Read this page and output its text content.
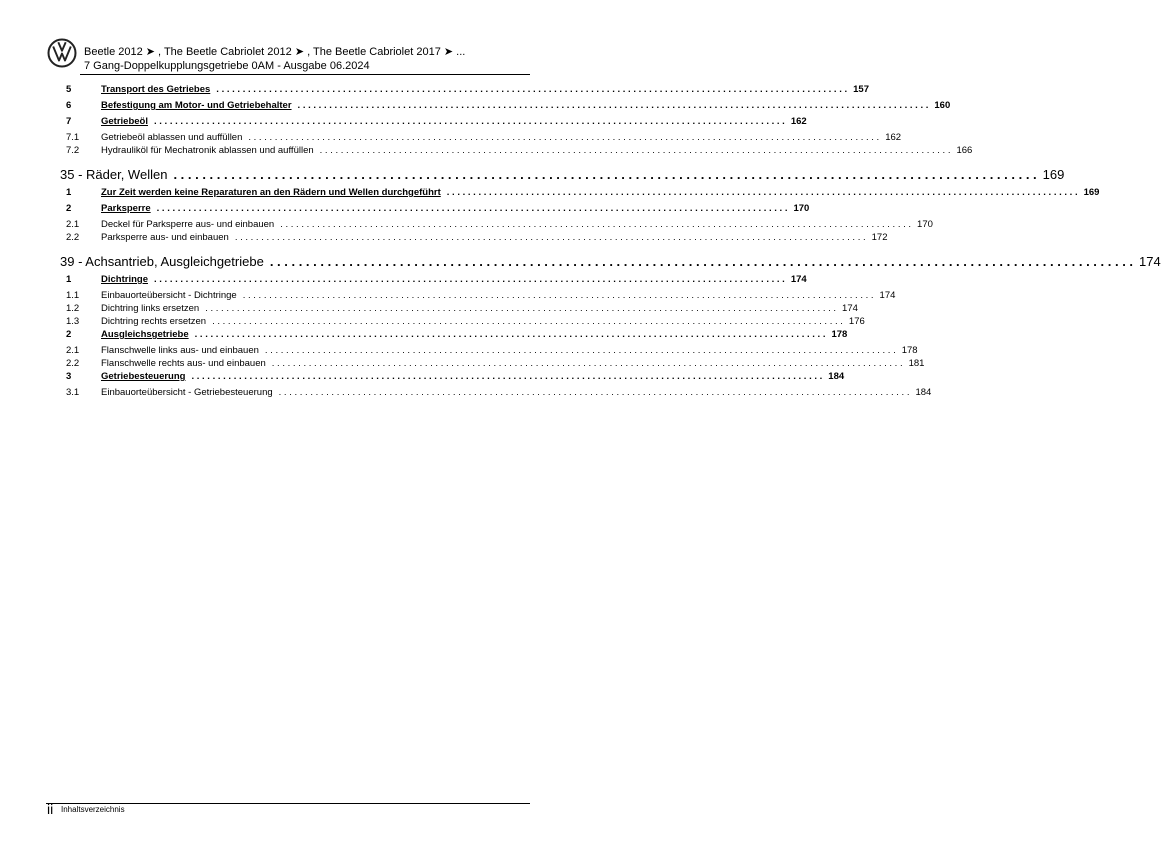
Beetle 2012 ➤ , The Beetle Cabriolet 2012 ➤ , The Beetle Cabriolet 2017 ➤ ...
7 Gang-Doppelkupplungsgetriebe 0AM - Ausgabe 06.2024
5	Transport des Getriebes . . . . . . . . . . . . . . . . . . . . . . . . . . . . . . . . . . . . . . . . . . . . . . . . . . . . . . . . . . . . . . . . . . . . . . . . . . . . . . . . . . . . . . . . . . . . . . . . . . . . . . . . . . . . . . . . . . . . . . . . 157
6	Befestigung am Motor- und Getriebehalter . . . . . . . . . . . . . . . . . . . . . . . . . . . . . . . . . . . . . . . . . . . . . . . . . . . . . . . . . . . . . . . . . . . . . . . . . . . . . . . . . . . . . . . . . . . . . . . . . . . . . . . . . . . . . . . . . . . . . . . . 160
7	Getriebeöl . . . . . . . . . . . . . . . . . . . . . . . . . . . . . . . . . . . . . . . . . . . . . . . . . . . . . . . . . . . . . . . . . . . . . . . . . . . . . . . . . . . . . . . . . . . . . . . . . . . . . . . . . . . . . . . . . . . . . . . . 162
7.1	Getriebeöl ablassen und auffüllen . . . . . . . . . . . . . . . . . . . . . . . . . . . . . . . . . . . . . . . . . . . . . . . . . . . . . . . . . . . . . . . . . . . . . . . . . . . . . . . . . . . . . . . . . . . . . . . . . . . . . . . . . . . . . . . . . . . . . . . . 162
7.2	Hydrauliköl für Mechatronik ablassen und auffüllen . . . . . . . . . . . . . . . . . . . . . . . . . . . . . . . . . . . . . . . . . . . . . . . . . . . . . . . . . . . . . . . . . . . . . . . . . . . . . . . . . . . . . . . . . . . . . . . . . . . . . . . . . . . . . . . . . . . . . . . . 166
35 - Räder, Wellen . . . . . . . . . . . . . . . . . . . . . . . . . . . . . . . . . . . . . . . . . . . . . . . . . . . . . . . . . . . . . . . . . . . . . . . . . . . . . . . . . . . . . . . . . . . . . . . . . . . . . . . . . . . . . . . . . . . . . . . . 169
1	Zur Zeit werden keine Reparaturen an den Rädern und Wellen durchgeführt . . . . . . . . . . . . . . . . . . . . . . . . . . . . . . . . . . . . . . . . . . . . . . . . . . . . . . . . . . . . . . . . . . . . . . . . . . . . . . . . . . . . . . . . . . . . . . . . . . . . . . . . . . . . . . . . . . . . . . . . 169
2	Parksperre . . . . . . . . . . . . . . . . . . . . . . . . . . . . . . . . . . . . . . . . . . . . . . . . . . . . . . . . . . . . . . . . . . . . . . . . . . . . . . . . . . . . . . . . . . . . . . . . . . . . . . . . . . . . . . . . . . . . . . . . 170
2.1	Deckel für Parksperre aus- und einbauen . . . . . . . . . . . . . . . . . . . . . . . . . . . . . . . . . . . . . . . . . . . . . . . . . . . . . . . . . . . . . . . . . . . . . . . . . . . . . . . . . . . . . . . . . . . . . . . . . . . . . . . . . . . . . . . . . . . . . . . . 170
2.2	Parksperre aus- und einbauen . . . . . . . . . . . . . . . . . . . . . . . . . . . . . . . . . . . . . . . . . . . . . . . . . . . . . . . . . . . . . . . . . . . . . . . . . . . . . . . . . . . . . . . . . . . . . . . . . . . . . . . . . . . . . . . . . . . . . . . . 172
39 - Achsantrieb, Ausgleichgetriebe . . . . . . . . . . . . . . . . . . . . . . . . . . . . . . . . . . . . . . . . . . . . . . . . . . . . . . . . . . . . . . . . . . . . . . . . . . . . . . . . . . . . . . . . . . . . . . . . . . . . . . . . . . . . . . . . . . . . . . . . 174
1	Dichtringe . . . . . . . . . . . . . . . . . . . . . . . . . . . . . . . . . . . . . . . . . . . . . . . . . . . . . . . . . . . . . . . . . . . . . . . . . . . . . . . . . . . . . . . . . . . . . . . . . . . . . . . . . . . . . . . . . . . . . . . . 174
1.1	Einbauorteübersicht - Dichtringe . . . . . . . . . . . . . . . . . . . . . . . . . . . . . . . . . . . . . . . . . . . . . . . . . . . . . . . . . . . . . . . . . . . . . . . . . . . . . . . . . . . . . . . . . . . . . . . . . . . . . . . . . . . . . . . . . . . . . . . . 174
1.2	Dichtring links ersetzen . . . . . . . . . . . . . . . . . . . . . . . . . . . . . . . . . . . . . . . . . . . . . . . . . . . . . . . . . . . . . . . . . . . . . . . . . . . . . . . . . . . . . . . . . . . . . . . . . . . . . . . . . . . . . . . . . . . . . . . . 174
1.3	Dichtring rechts ersetzen . . . . . . . . . . . . . . . . . . . . . . . . . . . . . . . . . . . . . . . . . . . . . . . . . . . . . . . . . . . . . . . . . . . . . . . . . . . . . . . . . . . . . . . . . . . . . . . . . . . . . . . . . . . . . . . . . . . . . . . . 176
2	Ausgleichsgetriebe . . . . . . . . . . . . . . . . . . . . . . . . . . . . . . . . . . . . . . . . . . . . . . . . . . . . . . . . . . . . . . . . . . . . . . . . . . . . . . . . . . . . . . . . . . . . . . . . . . . . . . . . . . . . . . . . . . . . . . . . 178
2.1	Flanschwelle links aus- und einbauen . . . . . . . . . . . . . . . . . . . . . . . . . . . . . . . . . . . . . . . . . . . . . . . . . . . . . . . . . . . . . . . . . . . . . . . . . . . . . . . . . . . . . . . . . . . . . . . . . . . . . . . . . . . . . . . . . . . . . . . . 178
2.2	Flanschwelle rechts aus- und einbauen . . . . . . . . . . . . . . . . . . . . . . . . . . . . . . . . . . . . . . . . . . . . . . . . . . . . . . . . . . . . . . . . . . . . . . . . . . . . . . . . . . . . . . . . . . . . . . . . . . . . . . . . . . . . . . . . . . . . . . . . 181
3	Getriebesteuerung . . . . . . . . . . . . . . . . . . . . . . . . . . . . . . . . . . . . . . . . . . . . . . . . . . . . . . . . . . . . . . . . . . . . . . . . . . . . . . . . . . . . . . . . . . . . . . . . . . . . . . . . . . . . . . . . . . . . . . . . 184
3.1	Einbauorteübersicht - Getriebesteuerung . . . . . . . . . . . . . . . . . . . . . . . . . . . . . . . . . . . . . . . . . . . . . . . . . . . . . . . . . . . . . . . . . . . . . . . . . . . . . . . . . . . . . . . . . . . . . . . . . . . . . . . . . . . . . . . . . . . . . . . . 184
ii Inhaltsverzeichnis
